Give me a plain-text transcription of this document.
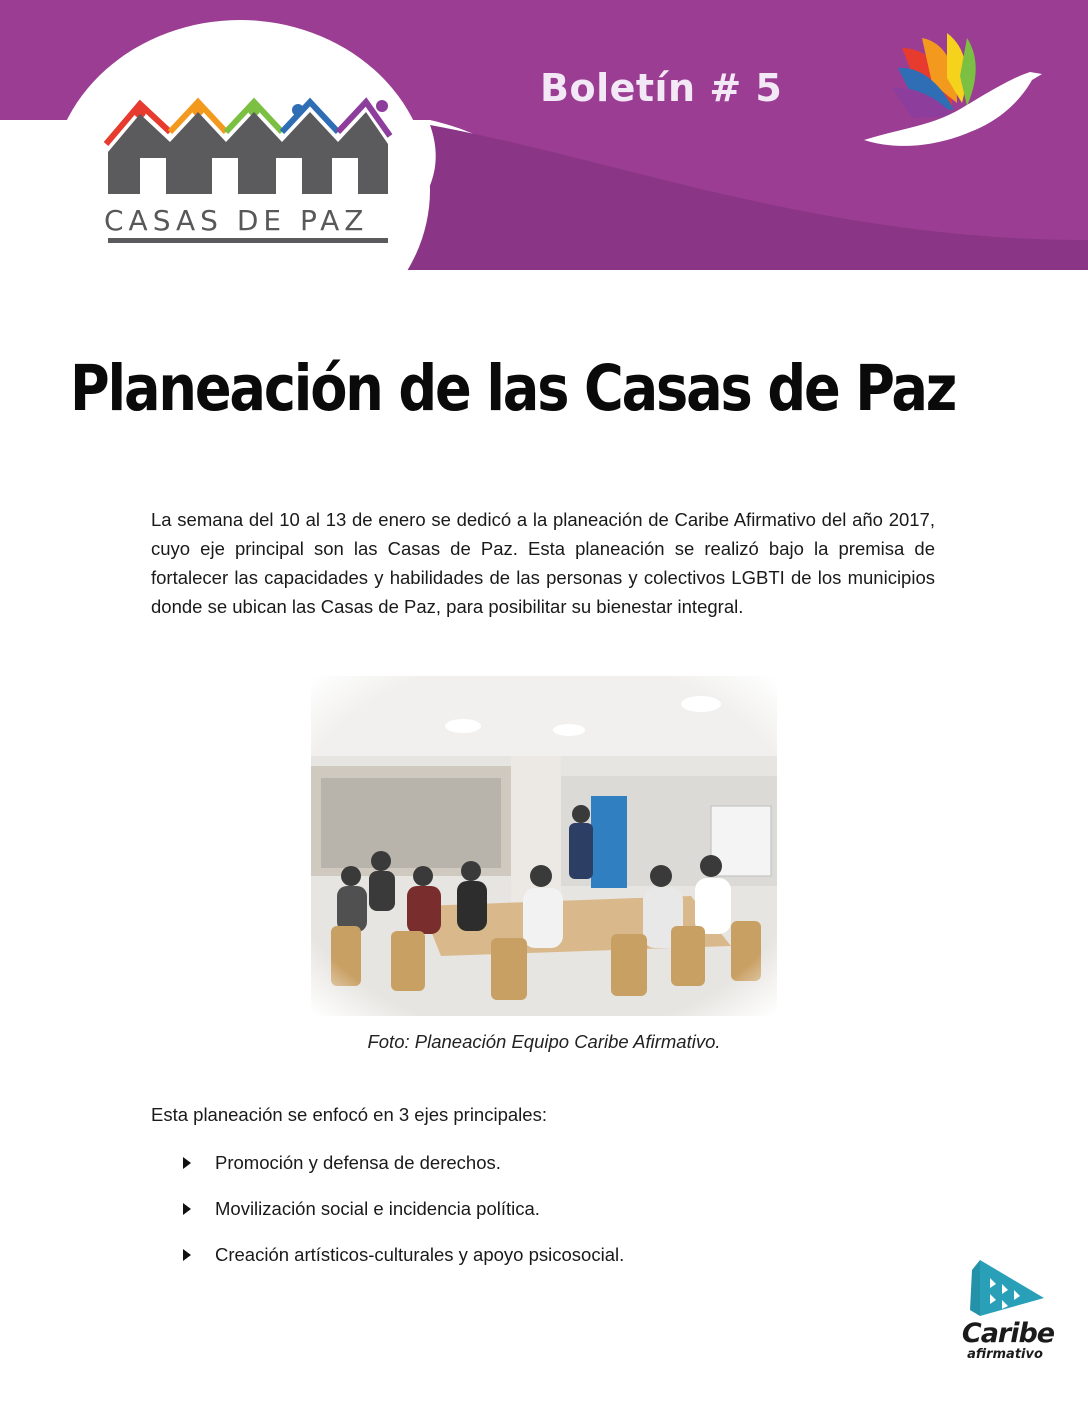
CASAS DE PAZ
Boletín # 5
Planeación de las Casas de Paz

La semana del 10 al 13 de enero se dedicó a la planeación de Caribe Afirmativo del año 2017, cuyo eje principal son las Casas de Paz. Esta planeación se realizó bajo la premisa de fortalecer las capacidades y habilidades de las personas y colectivos LGBTI de los municipios donde se ubican las Casas de Paz, para posibilitar su bienestar integral.

Foto: Planeación Equipo Caribe Afirmativo.

Esta planeación se enfocó en 3 ejes principales:

Promoción y defensa de derechos.
Movilización social e incidencia política.
Creación artísticos-culturales y apoyo psicosocial.
Caribe
afirmativo
